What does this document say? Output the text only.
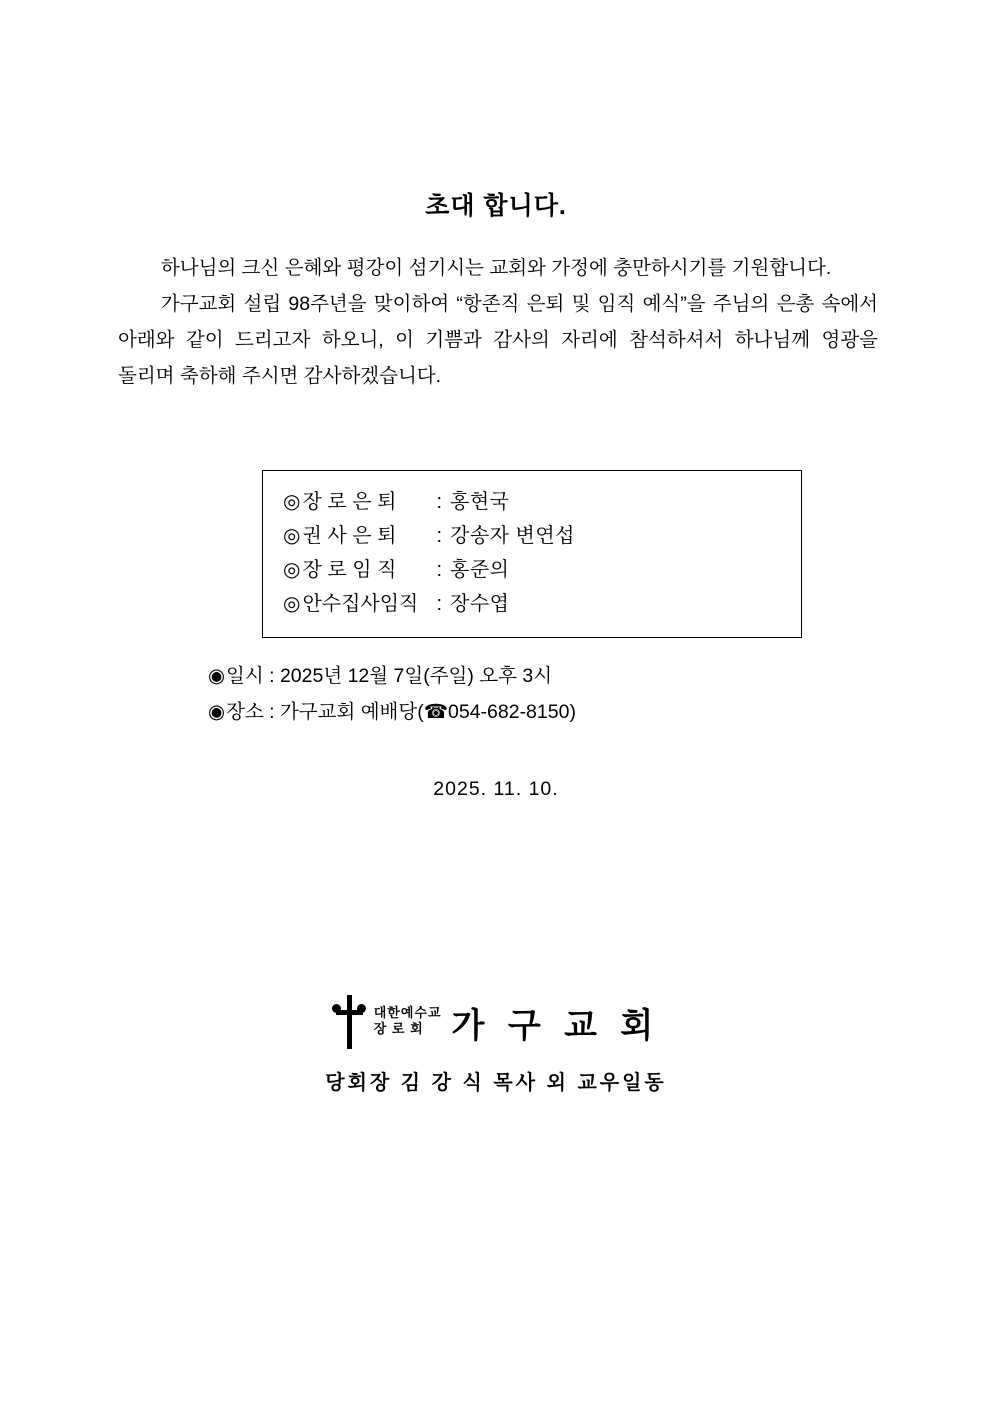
초대 합니다.

하나님의 크신 은혜와 평강이 섬기시는 교회와 가정에 충만하시기를 기원합니다.

가구교회 설립 98주년을 맞이하여 “항존직 은퇴 및 임직 예식”을 주님의 은총 속에서 아래와 같이 드리고자 하오니, 이 기쁨과 감사의 자리에 참석하셔서 하나님께 영광을 돌리며 축하해 주시면 감사하겠습니다.

◎ 장 로 은 퇴	: 홍현국
◎ 권 사 은 퇴	: 강송자 변연섭
◎ 장 로 임 직	: 홍준의
◎ 안수집사임직 : 장수엽
◉일시 : 2025년 12월 7일(주일) 오후 3시
◉장소 : 가구교회 예배당(☎054-682-8150)
2025. 11. 10.
대한예수교
장 로 회 가 구 교 회
당회장 김 강 식 목사 외 교우일동
